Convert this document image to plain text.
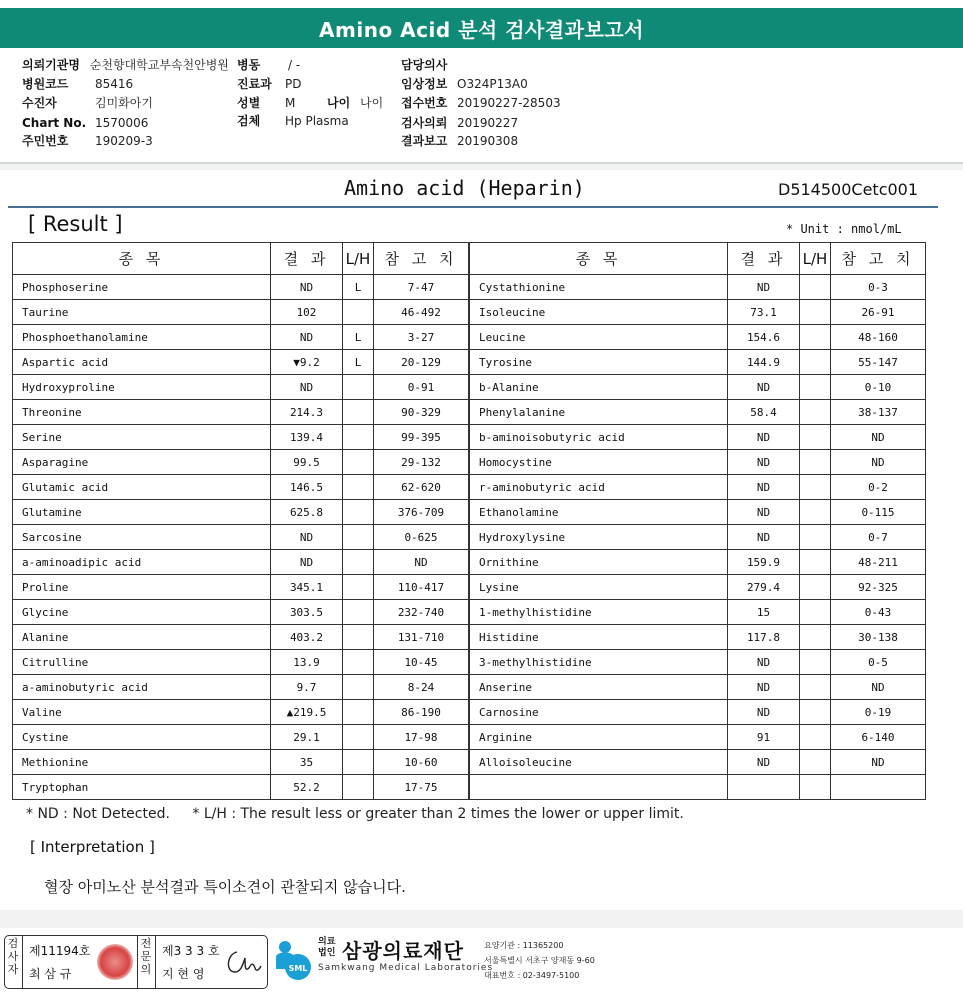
Amino Acid 분석 검사결과보고서
의뢰기관명 순천향대학교부속천안병원
병원코드 85416
수진자	김미화아기
Chart No. 1570006
주민번호 190209-3
병동 / -
진료과 PD
성별 M	나이 나이
검체 Hp Plasma
담당의사
임상정보 O324P13A0
접수번호 20190227-28503
검사의뢰 20190227
결과보고 20190308
Amino acid (Heparin)	D514500Cetc001
[ Result ]	* Unit : nmol/mL
종 목	결 과	L/H	참 고 치
Phosphoserine	ND	L	7-47
Taurine	102		46-492
Phosphoethanolamine	ND	L	3-27
Aspartic acid	▼9.2	L	20-129
Hydroxyproline	ND		0-91
Threonine	214.3		90-329
Serine	139.4		99-395
Asparagine	99.5		29-132
Glutamic acid	146.5		62-620
Glutamine	625.8		376-709
Sarcosine	ND		0-625
a-aminoadipic acid	ND		ND
Proline	345.1		110-417
Glycine	303.5		232-740
Alanine	403.2		131-710
Citrulline	13.9		10-45
a-aminobutyric acid	9.7		8-24
Valine	▲219.5		86-190
Cystine	29.1		17-98
Methionine	35		10-60
Tryptophan	52.2		17-75
종 목	결 과	L/H	참 고 치
Cystathionine	ND		0-3
Isoleucine	73.1		26-91
Leucine	154.6		48-160
Tyrosine	144.9		55-147
b-Alanine	ND		0-10
Phenylalanine	58.4		38-137
b-aminoisobutyric acid	ND		ND
Homocystine	ND		ND
r-aminobutyric acid	ND		0-2
Ethanolamine	ND		0-115
Hydroxylysine	ND		0-7
Ornithine	159.9		48-211
Lysine	279.4		92-325
1-methylhistidine	15		0-43
Histidine	117.8		30-138
3-methylhistidine	ND		0-5
Anserine	ND		ND
Carnosine	ND		0-19
Arginine	91		6-140
Alloisoleucine	ND		ND

* ND : Not Detected. * L/H : The result less or greater than 2 times the lower or upper limit.
[ Interpretation ]
혈장 아미노산 분석결과 특이소견이 관찰되지 않습니다.
검사자
제11194호
최 삼 규
전문의
제3 3 3 호
지 현 영	SML
의료법인 삼광의료재단
Samkwang Medical Laboratories
요양기관 : 11365200
서울특별시 서초구 양재동 9-60
대표번호 : 02-3497-5100
